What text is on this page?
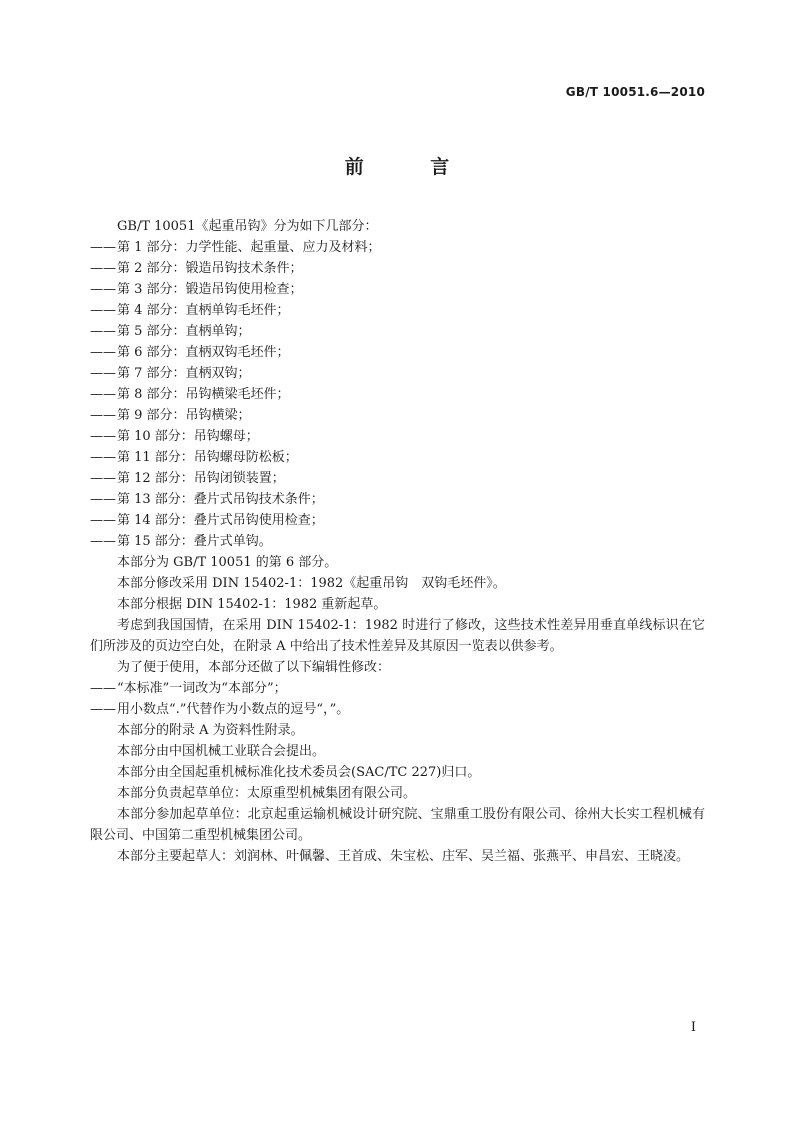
GB/T 10051.6—2010
前 言

GB/T 10051《起重吊钩》分为如下几部分：

——第 1 部分：力学性能、起重量、应力及材料；
——第 2 部分：锻造吊钩技术条件；
——第 3 部分：锻造吊钩使用检查；
——第 4 部分：直柄单钩毛坯件；
——第 5 部分：直柄单钩；
——第 6 部分：直柄双钩毛坯件；
——第 7 部分：直柄双钩；
——第 8 部分：吊钩横梁毛坯件；
——第 9 部分：吊钩横梁；
——第 10 部分：吊钩螺母；
——第 11 部分：吊钩螺母防松板；
——第 12 部分：吊钩闭锁装置；
——第 13 部分：叠片式吊钩技术条件；
——第 14 部分：叠片式吊钩使用检查；
——第 15 部分：叠片式单钩。

本部分为 GB/T 10051 的第 6 部分。

本部分修改采用 DIN 15402-1：1982《起重吊钩　双钩毛坯件》。

本部分根据 DIN 15402-1：1982 重新起草。

考虑到我国国情，在采用 DIN 15402-1：1982 时进行了修改，这些技术性差异用垂直单线标识在它们所涉及的页边空白处，在附录 A 中给出了技术性差异及其原因一览表以供参考。

为了便于使用，本部分还做了以下编辑性修改：

——“本标准”一词改为“本部分”；
——用小数点“.”代替作为小数点的逗号“，”。

本部分的附录 A 为资料性附录。

本部分由中国机械工业联合会提出。

本部分由全国起重机械标准化技术委员会(SAC/TC 227)归口。

本部分负责起草单位：太原重型机械集团有限公司。

本部分参加起草单位：北京起重运输机械设计研究院、宝鼎重工股份有限公司、徐州大长实工程机械有限公司、中国第二重型机械集团公司。

本部分主要起草人：刘润林、叶佩馨、王首成、朱宝松、庄军、吴兰福、张燕平、申昌宏、王晓凌。

I
